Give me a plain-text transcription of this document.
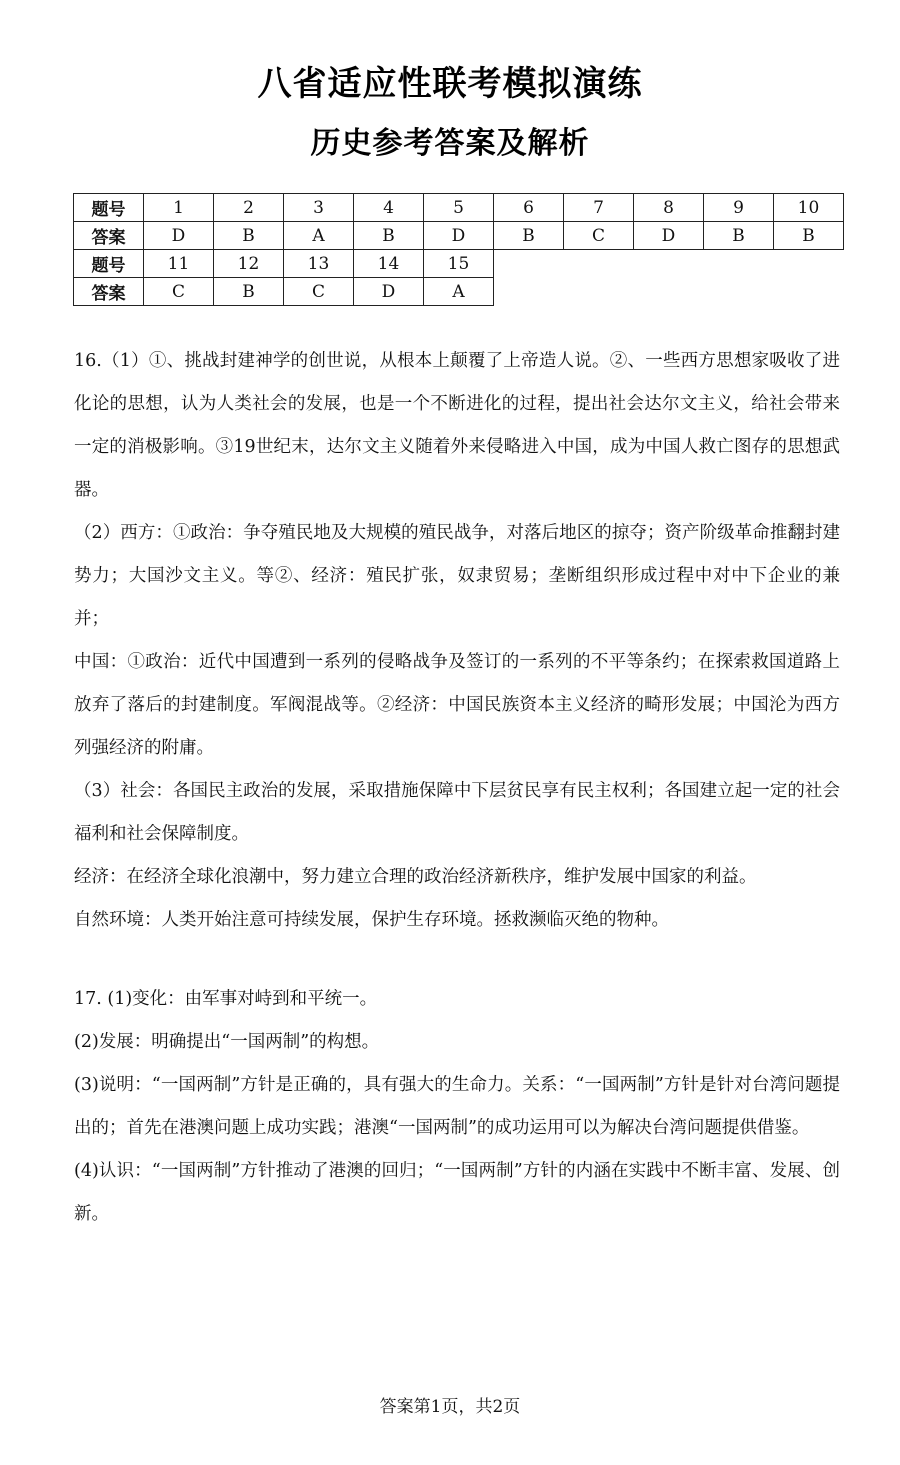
八省适应性联考模拟演练
历史参考答案及解析
题号	1	2	3	4	5	6	7	8	9	10
答案	D	B	A	B	D	B	C	D	B	B
题号	11	12	13	14	15					
答案	C	B	C	D	A					

16.（1）①、挑战封建神学的创世说，从根本上颠覆了上帝造人说。②、一些西方思想家吸收了进化论的思想，认为人类社会的发展，也是一个不断进化的过程，提出社会达尔文主义，给社会带来一定的消极影响。③19世纪末，达尔文主义随着外来侵略进入中国，成为中国人救亡图存的思想武器。

（2）西方：①政治：争夺殖民地及大规模的殖民战争，对落后地区的掠夺；资产阶级革命推翻封建势力；大国沙文主义。等②、经济：殖民扩张，奴隶贸易；垄断组织形成过程中对中下企业的兼并；

中国：①政治：近代中国遭到一系列的侵略战争及签订的一系列的不平等条约；在探索救国道路上放弃了落后的封建制度。军阀混战等。②经济：中国民族资本主义经济的畸形发展；中国沦为西方列强经济的附庸。

（3）社会：各国民主政治的发展，采取措施保障中下层贫民享有民主权利；各国建立起一定的社会福利和社会保障制度。

经济：在经济全球化浪潮中，努力建立合理的政治经济新秩序，维护发展中国家的利益。

自然环境：人类开始注意可持续发展，保护生存环境。拯救濒临灭绝的物种。

17. (1)变化：由军事对峙到和平统一。

(2)发展：明确提出“一国两制”的构想。

(3)说明：“一国两制”方针是正确的，具有强大的生命力。关系：“一国两制”方针是针对台湾问题提出的；首先在港澳问题上成功实践；港澳“一国两制”的成功运用可以为解决台湾问题提供借鉴。

(4)认识：“一国两制”方针推动了港澳的回归；“一国两制”方针的内涵在实践中不断丰富、发展、创新。

答案第1页，共2页
